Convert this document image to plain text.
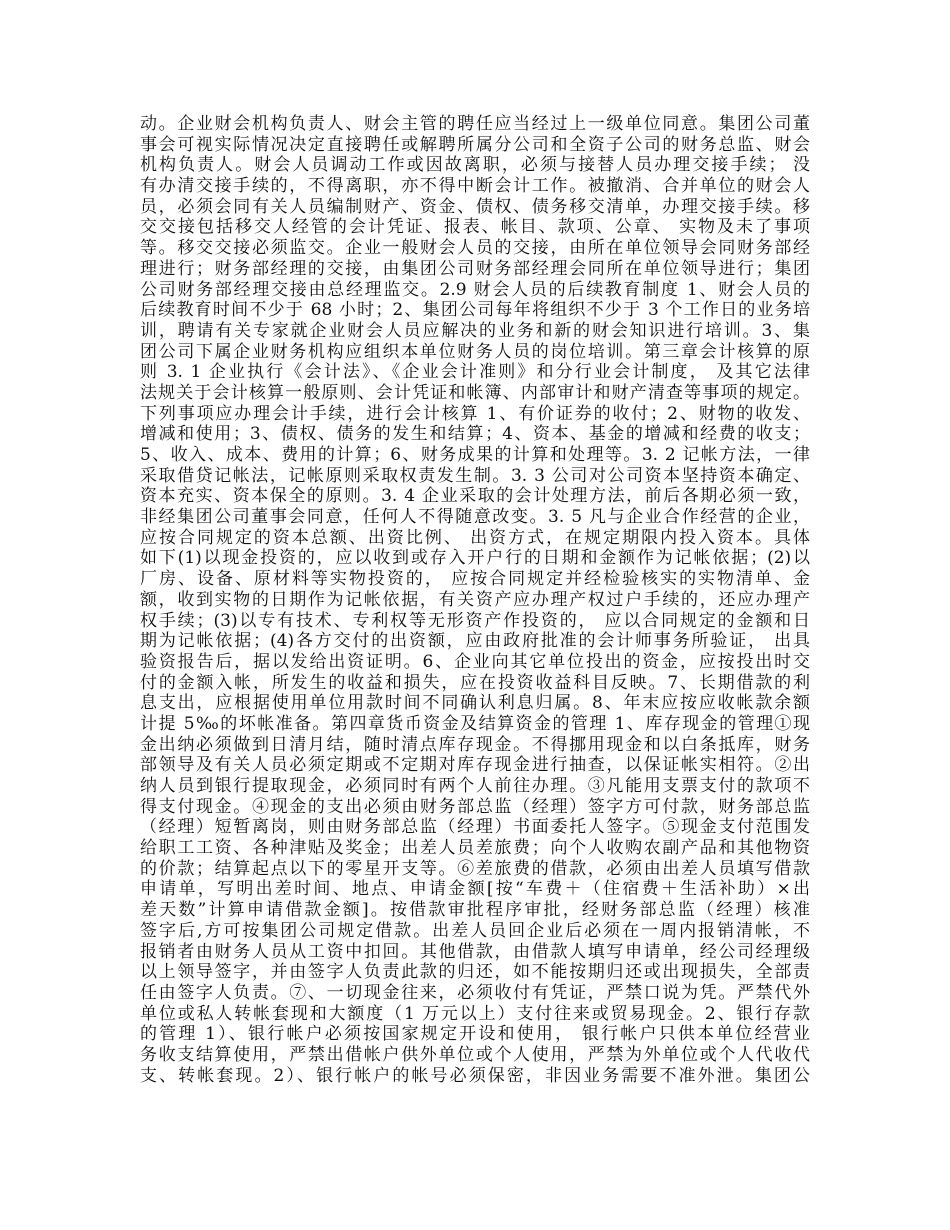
动。企业财会机构负责人、财会主管的聘任应当经过上一级单位同意。集团公司董
事会可视实际情况决定直接聘任或解聘所属分公司和全资子公司的财务总监、财会
机构负责人。财会人员调动工作或因故离职，必须与接替人员办理交接手续； 没
有办清交接手续的，不得离职，亦不得中断会计工作。被撤消、合并单位的财会人
员，必须会同有关人员编制财产、资金、债权、债务移交清单，办理交接手续。移
交交接包括移交人经管的会计凭证、报表、帐目、款项、公章、 实物及未了事项
等。移交交接必须监交。企业一般财会人员的交接，由所在单位领导会同财务部经
理进行；财务部经理的交接，由集团公司财务部经理会同所在单位领导进行；集团
公司财务部经理交接由总经理监交。2.9 财会人员的后续教育制度 1、财会人员的
后续教育时间不少于 68 小时；2、集团公司每年将组织不少于 3 个工作日的业务培
训，聘请有关专家就企业财会人员应解决的业务和新的财会知识进行培训。3、集
团公司下属企业财务机构应组织本单位财务人员的岗位培训。第三章会计核算的原
则 3. 1 企业执行《会计法》、《企业会计准则》和分行业会计制度， 及其它法律
法规关于会计核算一般原则、会计凭证和帐簿、内部审计和财产清查等事项的规定。
下列事项应办理会计手续，进行会计核算 1、有价证券的收付；2、财物的收发、
增减和使用；3、债权、债务的发生和结算；4、资本、基金的增减和经费的收支；
5、收入、成本、费用的计算；6、财务成果的计算和处理等。3. 2 记帐方法，一律
采取借贷记帐法，记帐原则采取权责发生制。3. 3 公司对公司资本坚持资本确定、
资本充实、资本保全的原则。3. 4 企业采取的会计处理方法，前后各期必须一致，
非经集团公司董事会同意，任何人不得随意改变。3. 5 凡与企业合作经营的企业，
应按合同规定的资本总额、出资比例、 出资方式，在规定期限内投入资本。具体
如下(1)以现金投资的，应以收到或存入开户行的日期和金额作为记帐依据；(2)以
厂房、设备、原材料等实物投资的， 应按合同规定并经检验核实的实物清单、金
额，收到实物的日期作为记帐依据，有关资产应办理产权过户手续的，还应办理产
权手续；(3)以专有技术、专利权等无形资产作投资的， 应以合同规定的金额和日
期为记帐依据；(4)各方交付的出资额，应由政府批准的会计师事务所验证， 出具
验资报告后，据以发给出资证明。6、企业向其它单位投出的资金，应按投出时交
付的金额入帐，所发生的收益和损失，应在投资收益科目反映。7、长期借款的利
息支出，应根据使用单位用款时间不同确认利息归属。8、年末应按应收帐款余额
计提 5‰的坏帐准备。第四章货币资金及结算资金的管理 1、库存现金的管理①现
金出纳必须做到日清月结，随时清点库存现金。不得挪用现金和以白条抵库，财务
部领导及有关人员必须定期或不定期对库存现金进行抽查，以保证帐实相符。②出
纳人员到银行提取现金，必须同时有两个人前往办理。③凡能用支票支付的款项不
得支付现金。④现金的支出必须由财务部总监（经理）签字方可付款，财务部总监
（经理）短暂离岗，则由财务部总监（经理）书面委托人签字。⑤现金支付范围发
给职工工资、各种津贴及奖金；出差人员差旅费；向个人收购农副产品和其他物资
的价款；结算起点以下的零星开支等。⑥差旅费的借款，必须由出差人员填写借款
申请单，写明出差时间、地点、申请金额[按“车费＋（住宿费＋生活补助）×出
差天数”计算申请借款金额]。按借款审批程序审批，经财务部总监（经理）核准
签字后,方可按集团公司规定借款。出差人员回企业后必须在一周内报销清帐，不
报销者由财务人员从工资中扣回。其他借款，由借款人填写申请单，经公司经理级
以上领导签字，并由签字人负责此款的归还，如不能按期归还或出现损失，全部责
任由签字人负责。⑦、一切现金往来，必须收付有凭证，严禁口说为凭。严禁代外
单位或私人转帐套现和大额度（1 万元以上）支付往来或贸易现金。2、银行存款
的管理 1）、银行帐户必须按国家规定开设和使用， 银行帐户只供本单位经营业
务收支结算使用，严禁出借帐户供外单位或个人使用，严禁为外单位或个人代收代
支、转帐套现。2）、银行帐户的帐号必须保密，非因业务需要不准外泄。集团公
